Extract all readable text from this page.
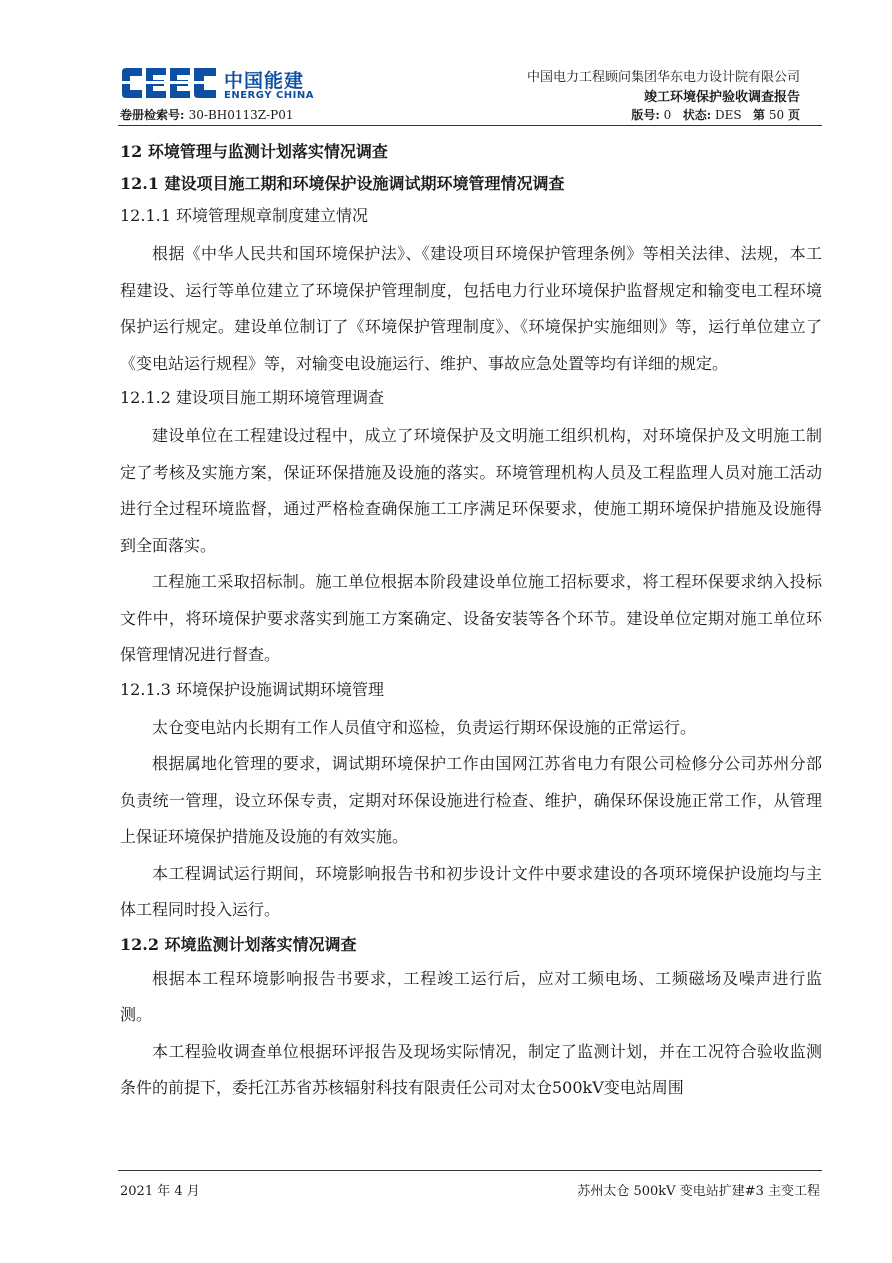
中国能建
ENERGY CHINA
中国电力工程顾问集团华东电力设计院有限公司
竣工环境保护验收调查报告
卷册检索号: 30-BH0113Z-P01	版号: 0 状态: DES 第 50 页
12 环境管理与监测计划落实情况调查
12.1 建设项目施工期和环境保护设施调试期环境管理情况调查
12.1.1 环境管理规章制度建立情况

根据《中华人民共和国环境保护法》、《建设项目环境保护管理条例》等相关法律、法规，本工程建设、运行等单位建立了环境保护管理制度，包括电力行业环境保护监督规定和输变电工程环境保护运行规定。建设单位制订了《环境保护管理制度》、《环境保护实施细则》等，运行单位建立了《变电站运行规程》等，对输变电设施运行、维护、事故应急处置等均有详细的规定。

12.1.2 建设项目施工期环境管理调查

建设单位在工程建设过程中，成立了环境保护及文明施工组织机构，对环境保护及文明施工制定了考核及实施方案，保证环保措施及设施的落实。环境管理机构人员及工程监理人员对施工活动进行全过程环境监督，通过严格检查确保施工工序满足环保要求，使施工期环境保护措施及设施得到全面落实。

工程施工采取招标制。施工单位根据本阶段建设单位施工招标要求，将工程环保要求纳入投标文件中，将环境保护要求落实到施工方案确定、设备安装等各个环节。建设单位定期对施工单位环保管理情况进行督查。

12.1.3 环境保护设施调试期环境管理

太仓变电站内长期有工作人员值守和巡检，负责运行期环保设施的正常运行。

根据属地化管理的要求，调试期环境保护工作由国网江苏省电力有限公司检修分公司苏州分部负责统一管理，设立环保专责，定期对环保设施进行检查、维护，确保环保设施正常工作，从管理上保证环境保护措施及设施的有效实施。

本工程调试运行期间，环境影响报告书和初步设计文件中要求建设的各项环境保护设施均与主体工程同时投入运行。

12.2 环境监测计划落实情况调查

根据本工程环境影响报告书要求，工程竣工运行后，应对工频电场、工频磁场及噪声进行监测。

本工程验收调查单位根据环评报告及现场实际情况，制定了监测计划，并在工况符合验收监测条件的前提下，委托江苏省苏核辐射科技有限责任公司对太仓500kV变电站周围

2021 年 4 月	苏州太仓 500kV 变电站扩建#3 主变工程
